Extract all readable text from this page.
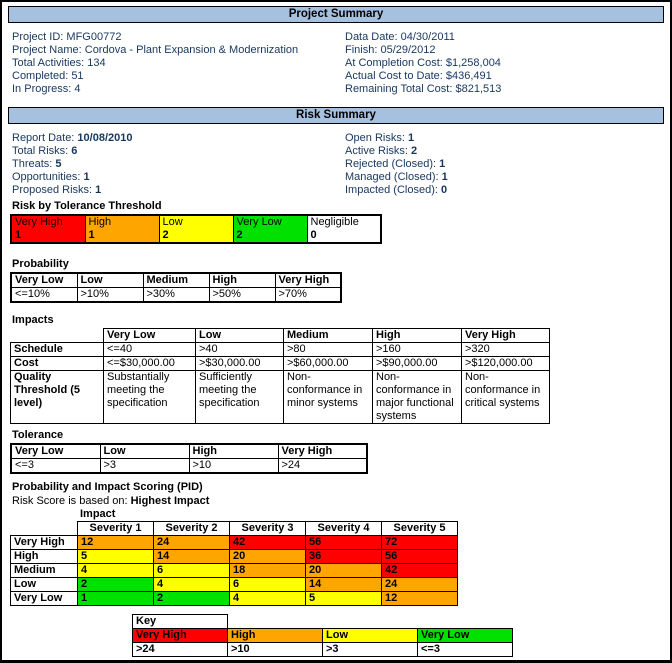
Project Summary
Project ID: MFG00772
Project Name: Cordova - Plant Expansion & Modernization
Total Activities: 134
Completed: 51
In Progress: 4
Data Date: 04/30/2011
Finish: 05/29/2012
At Completion Cost: $1,258,004
Actual Cost to Date: $436,491
Remaining Total Cost: $821,513
Risk Summary
Report Date: 10/08/2010
Total Risks: 6
Threats: 5
Opportunities: 1
Proposed Risks: 1
Open Risks: 1
Active Risks: 2
Rejected (Closed): 1
Managed (Closed): 1
Impacted (Closed): 0
Risk by Tolerance Threshold
Very High
1

High
1

Low
2

Very Low
2

Negligible
0
Probability
Very Low	Low	Medium	High	Very High
<=10%	>10%	>30%	>50%	>70%
Impacts
	Very Low	Low	Medium	High	Very High
Schedule	<=40	>40	>80	>160	>320
Cost	<=$30,000.00	>$30,000.00	>$60,000.00	>$90,000.00	>$120,000.00
Quality Threshold (5 level)	Substantially meeting the specification	Sufficiently meeting the specification	Non-conformance in minor systems	Non-conformance in major functional systems	Non-conformance in critical systems
Tolerance
Very Low	Low	High	Very High
<=3	>3	>10	>24
Probability and Impact Scoring (PID)
Risk Score is based on: Highest Impact
Impact
	Severity 1	Severity 2	Severity 3	Severity 4	Severity 5
Very High	12	24	42	56	72
High	5	14	20	36	56
Medium	4	6	18	20	42
Low	2	4	6	14	24
Very Low	1	2	4	5	12
Key			
Very High	High	Low	Very Low
>24	>10	>3	<=3
